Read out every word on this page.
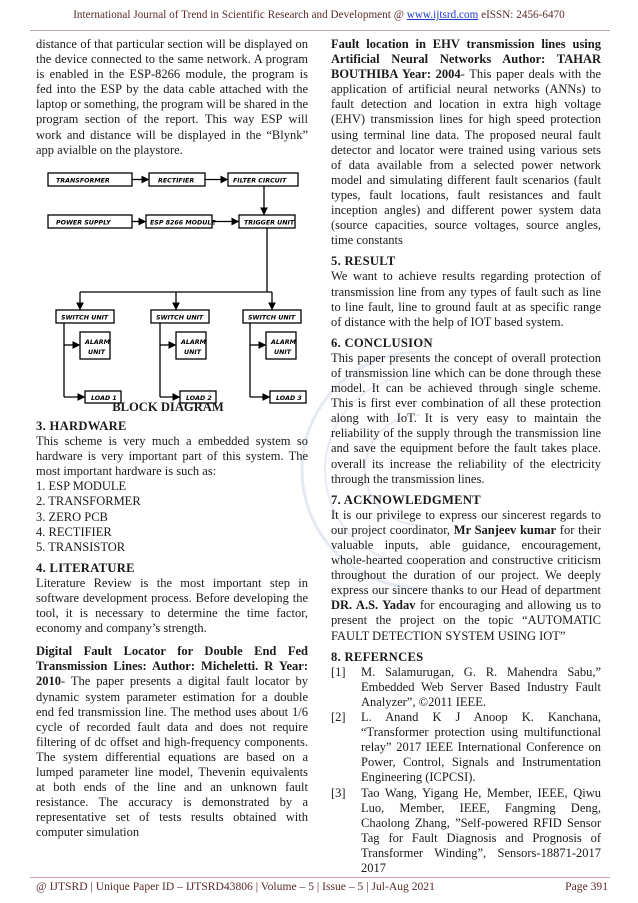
International Journal of Trend in Scientific Research and Development @ www.ijtsrd.com eISSN: 2456-6470

distance of that particular section will be displayed on the device connected to the same network. A program is enabled in the ESP-8266 module, the program is fed into the ESP by the data cable attached with the laptop or something, the program will be shared in the program section of the report. This way ESP will work and distance will be displayed in the “Blynk” app avialble on the playstore.

TRANSFORMER	RECTIFIER	FILTER CIRCUIT
POWER SUPPLY	ESP 8266 MODULE	TRIGGER UNIT
SWITCH UNIT	SWITCH UNIT	SWITCH UNIT
ALARM
UNIT
ALARM
UNIT
ALARM
UNIT
LOAD 1	LOAD 2	LOAD 3
BLOCK DIAGRAM

3. HARDWARE

This scheme is very much a embedded system so hardware is very important part of this system. The most important hardware is such as:

1. ESP MODULE
2. TRANSFORMER
3. ZERO PCB
4. RECTIFIER
5. TRANSISTOR

4. LITERATURE

Literature Review is the most important step in software development process. Before developing the tool, it is necessary to determine the time factor, economy and company’s strength.

Digital Fault Locator for Double End Fed Transmission Lines: Author: Micheletti. R Year: 2010- The paper presents a digital fault locator by dynamic system parameter estimation for a double end fed transmission line. The method uses about 1/6 cycle of recorded fault data and does not require filtering of dc offset and high-frequency components. The system differential equations are based on a lumped parameter line model, Thevenin equivalents at both ends of the line and an unknown fault resistance. The accuracy is demonstrated by a representative set of tests results obtained with computer simulation

Fault location in EHV transmission lines using Artificial Neural Networks Author: TAHAR BOUTHIBA Year: 2004- This paper deals with the application of artificial neural networks (ANNs) to fault detection and location in extra high voltage (EHV) transmission lines for high speed protection using terminal line data. The proposed neural fault detector and locator were trained using various sets of data available from a selected power network model and simulating different fault scenarios (fault types, fault locations, fault resistances and fault inception angles) and different power system data (source capacities, source voltages, source angles, time constants

5. RESULT

We want to achieve results regarding protection of transmission line from any types of fault such as line to line fault, line to ground fault at as specific range of distance with the help of IOT based system.

6. CONCLUSION

This paper presents the concept of overall protection of transmission line which can be done through these model. It can be achieved through single scheme. This is first ever combination of all these protection along with IoT. It is very easy to maintain the reliability of the supply through the transmission line and save the equipment before the fault takes place. overall its increase the reliability of the electricity through the transmission lines.

7. ACKNOWLEDGMENT

It is our privilege to express our sincerest regards to our project coordinator, Mr Sanjeev kumar for their valuable inputs, able guidance, encouragement, whole-hearted cooperation and constructive criticism throughout the duration of our project. We deeply express our sincere thanks to our Head of department DR. A.S. Yadav for encouraging and allowing us to present the project on the topic “AUTOMATIC FAULT DETECTION SYSTEM USING IOT”

8. REFERNCES

[1]	M. Salamurugan, G. R. Mahendra Sabu,” Embedded Web Server Based Industry Fault Analyzer”, ©2011 IEEE.
[2]	L. Anand K J Anoop K. Kanchana, “Transformer protection using multifunctional relay” 2017 IEEE International Conference on Power, Control, Signals and Instrumentation Engineering (ICPCSI).
[3]	Tao Wang, Yigang He, Member, IEEE, Qiwu Luo, Member, IEEE, Fangming Deng, Chaolong Zhang, ”Self-powered RFID Sensor Tag for Fault Diagnosis and Prognosis of Transformer Winding”, Sensors-18871-2017 2017
@ IJTSRD | Unique Paper ID – IJTSRD43806 | Volume – 5 | Issue – 5 | Jul-Aug 2021	Page 391
